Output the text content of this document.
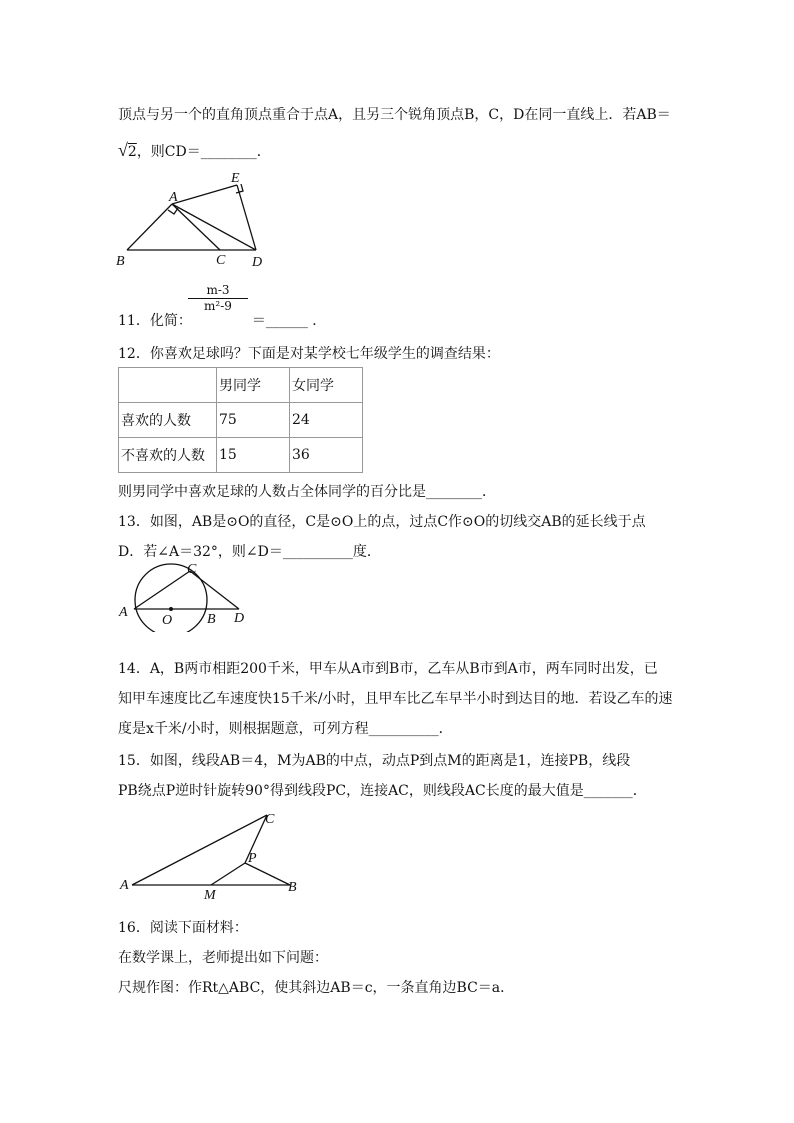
顶点与另一个的直角顶点重合于点A，且另三个锐角顶点B，C，D在同一直线上．若AB＝
√2，则CD＝________．
A
B	C D
E
$\frac{m-3}{\text{m²-9}}$
11．化简：	＝______ ．
12．你喜欢足球吗？下面是对某学校七年级学生的调查结果：
	男同学	女同学
喜欢的人数	75	24
不喜欢的人数	15	36
则男同学中喜欢足球的人数占全体同学的百分比是________．
13．如图，AB是⊙O的直径，C是⊙O上的点，过点C作⊙O的切线交AB的延长线于点
D．若∠A＝32°，则∠D＝__________度．
A
O B D
C
14．A，B两市相距200千米，甲车从A市到B市，乙车从B市到A市，两车同时出发，已
知甲车速度比乙车速度快15千米/小时，且甲车比乙车早半小时到达目的地．若设乙车的速
度是x千米/小时，则根据题意，可列方程__________．
15．如图，线段AB＝4，M为AB的中点，动点P到点M的距离是1，连接PB，线段
PB绕点P逆时针旋转90°得到线段PC，连接AC，则线段AC长度的最大值是_______．
A
M
P
B
C
16．阅读下面材料：
在数学课上，老师提出如下问题：
尺规作图：作Rt△ABC，使其斜边AB＝c，一条直角边BC＝a．
